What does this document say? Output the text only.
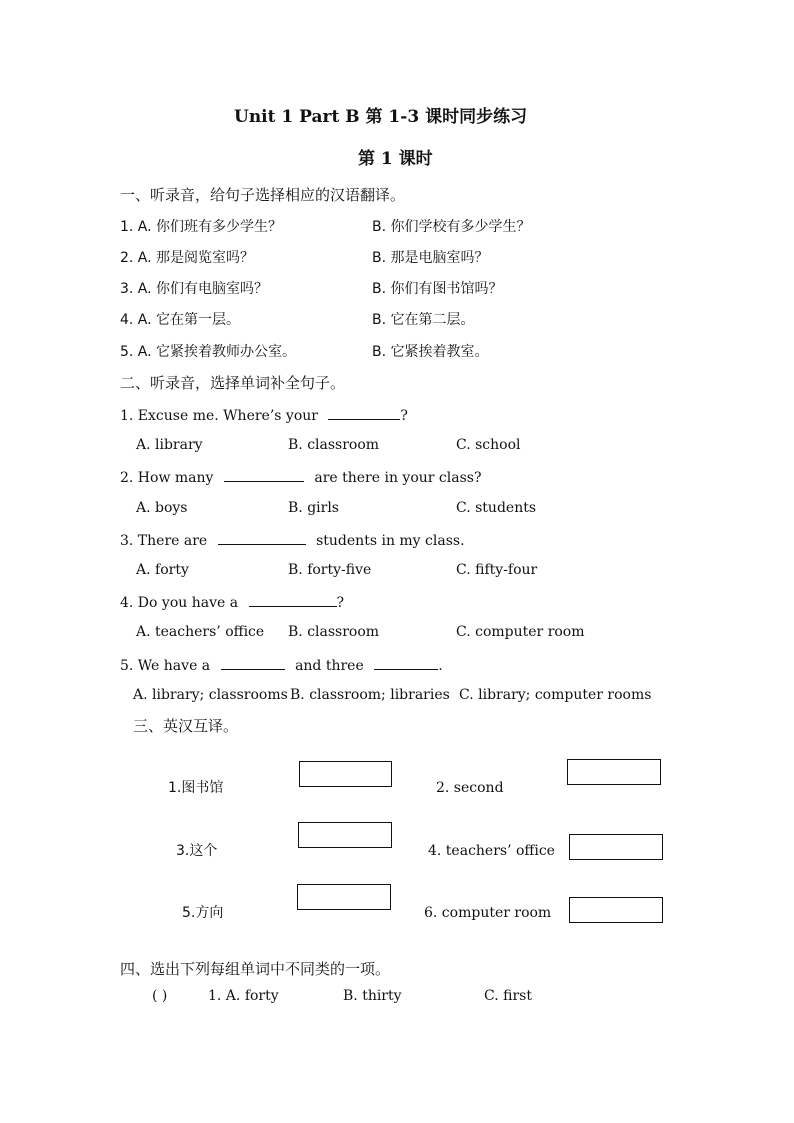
Unit 1 Part B 第 1-3 课时同步练习
第 1 课时
一、听录音，给句子选择相应的汉语翻译。
1. A. 你们班有多少学生？	B. 你们学校有多少学生？
2. A. 那是阅览室吗？	B. 那是电脑室吗？
3. A. 你们有电脑室吗？	B. 你们有图书馆吗？
4. A. 它在第一层。	B. 它在第二层。
5. A. 它紧挨着教师办公室。	B. 它紧挨着教室。
二、听录音，选择单词补全句子。
1. Excuse me. Where’s your	?
A. library	B. classroom	C. school
2. How many	are there in your class?
A. boys	B. girls	C. students
3. There are	students in my class.
A. forty	B. forty-five	C. fifty-four
4. Do you have a	?
A. teachers’ office B. classroom	C. computer room
5. We have a	and three	.
A. library; classrooms B. classroom; libraries C. library; computer rooms
三、英汉互译。
1.图书馆	2. second
3.这个	4. teachers’ office
5.方向	6. computer room
四、选出下列每组单词中不同类的一项。
( )	1. A. forty	B. thirty	C. first
